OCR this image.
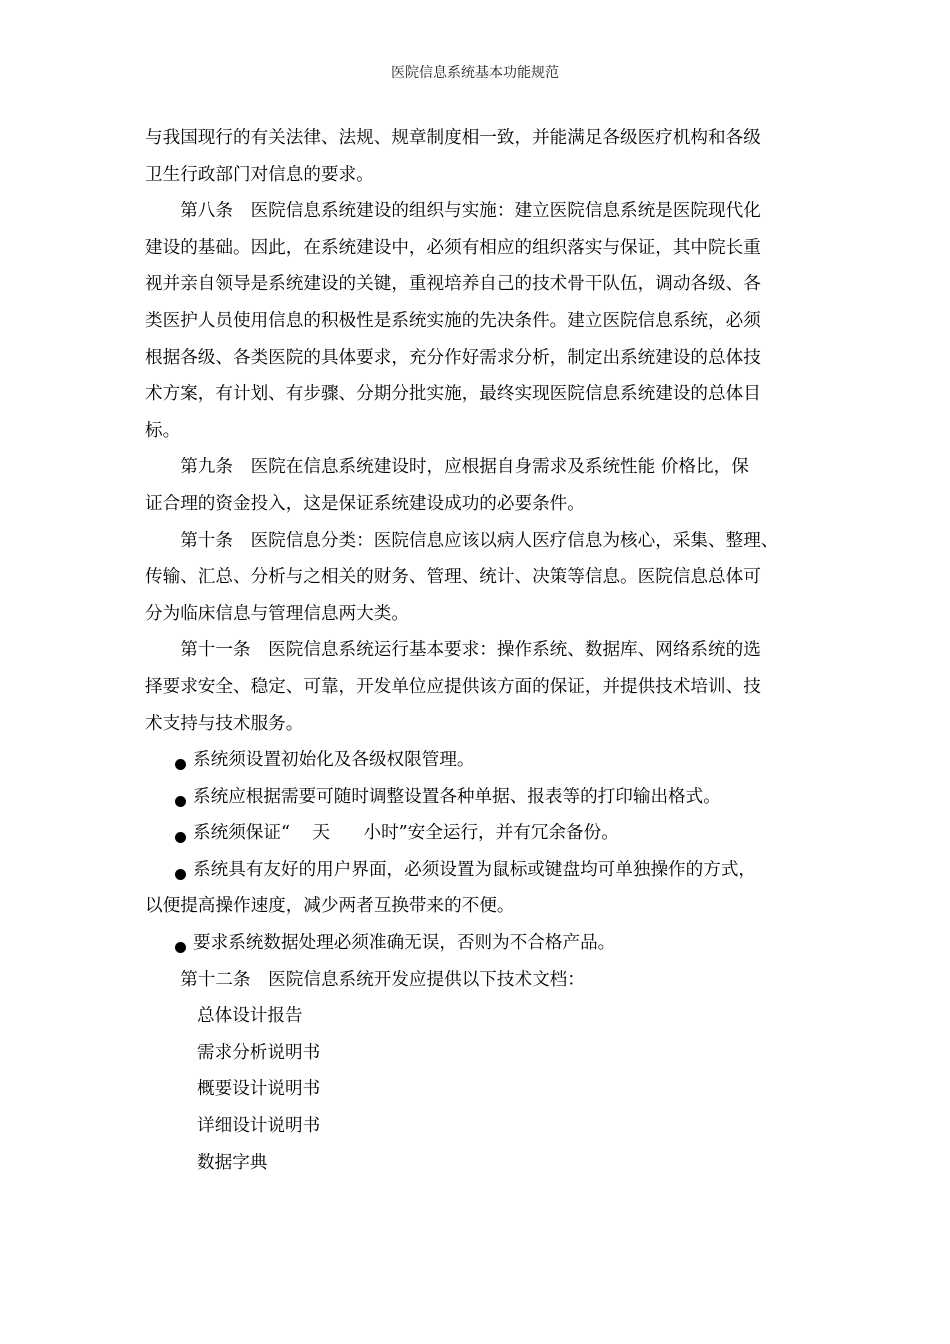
医院信息系统基本功能规范

与我国现行的有关法律、法规、规章制度相一致，并能满足各级医疗机构和各级

卫生行政部门对信息的要求。

第八条 医院信息系统建设的组织与实施：建立医院信息系统是医院现代化

建设的基础。因此，在系统建设中，必须有相应的组织落实与保证，其中院长重

视并亲自领导是系统建设的关键，重视培养自己的技术骨干队伍，调动各级、各

类医护人员使用信息的积极性是系统实施的先决条件。建立医院信息系统，必须

根据各级、各类医院的具体要求，充分作好需求分析，制定出系统建设的总体技

术方案，有计划、有步骤、分期分批实施，最终实现医院信息系统建设的总体目

标。

第九条 医院在信息系统建设时，应根据自身需求及系统性能 价格比，保

证合理的资金投入，这是保证系统建设成功的必要条件。

第十条 医院信息分类：医院信息应该以病人医疗信息为核心，采集、整理、

传输、汇总、分析与之相关的财务、管理、统计、决策等信息。医院信息总体可

分为临床信息与管理信息两大类。

第十一条 医院信息系统运行基本要求：操作系统、数据库、网络系统的选

择要求安全、稳定、可靠，开发单位应提供该方面的保证，并提供技术培训、技

术支持与技术服务。

系统须设置初始化及各级权限管理。

系统应根据需要可随时调整设置各种单据、报表等的打印输出格式。

系统须保证“    天      小时”安全运行，并有冗余备份。

系统具有友好的用户界面，必须设置为鼠标或键盘均可单独操作的方式，

以便提高操作速度，减少两者互换带来的不便。

要求系统数据处理必须准确无误，否则为不合格产品。

第十二条 医院信息系统开发应提供以下技术文档：

总体设计报告

需求分析说明书

概要设计说明书

详细设计说明书

数据字典
